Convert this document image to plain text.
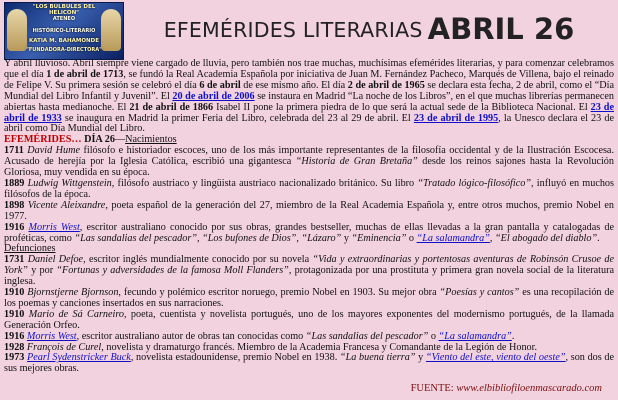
"LOS BULBULES DEL HELICON"
ATENEO
HISTÓRICO-LITERARIO
KATIA M. BAHAMONDE
"FUNDADORA-DIRECTORA"
EFEMÉRIDES LITERARIAS ABRIL 26

Y abril lluvioso. Abril siempre viene cargado de lluvia, pero también nos trae muchas, muchísimas efemérides literarias, y para comenzar celebramos que el día 1 de abril de 1713, se fundó la Real Academia Española por iniciativa de Juan M. Fernández Pacheco, Marqués de Villena, bajo el reinado de Felipe V. Su primera sesión se celebró el día 6 de abril de ese mismo año. El día 2 de abril de 1965 se declara esta fecha, 2 de abril, como el “Día Mundial del Libro Infantil y Juvenil”. El 20 de abril de 2006 se instaura en Madrid “La noche de los Libros”, en el que muchas librerías permanecen abiertas hasta medianoche. El 21 de abril de 1866 Isabel II pone la primera piedra de lo que será la actual sede de la Biblioteca Nacional. El 23 de abril de 1933 se inaugura en Madrid la primer Feria del Libro, celebrada del 23 al 29 de abril. El 23 de abril de 1995, la Unesco declara el 23 de abril como Día Mundial del Libro.

EFEMÉRIDES… DÍA 26—Nacimientos

1711 David Hume filósofo e historiador escoces, uno de los más importante representantes de la filosofía occidental y de la Ilustración Escocesa. Acusado de herejía por la Iglesia Católica, escribió una gigantesca “Historia de Gran Bretaña” desde los reinos sajones hasta la Revolución Gloriosa, muy vendida en su época.

1889 Ludwig Wittgenstein, filósofo austriaco y lingüista austriaco nacionalizado británico. Su libro “Tratado lógico-filosófico”, influyó en muchos filósofos de la época.

1898 Vicente Aleixandre, poeta español de la generación del 27, miembro de la Real Academia Española y, entre otros muchos, premio Nobel en 1977.

1916 Morris West, escritor australiano conocido por sus obras, grandes bestseller, muchas de ellas llevadas a la gran pantalla y catalogadas de proféticas, como “Las sandalias del pescador”, “Los bufones de Dios”, “Lázaro” y “Eminencia” o “La salamandra”, “El abogado del diablo”.

Defunciones

1731 Daniel Defoe, escritor inglés mundialmente conocido por su novela “Vida y extraordinarias y portentosas aventuras de Robinsón Crusoe de York” y por “Fortunas y adversidades de la famosa Moll Flanders”, protagonizada por una prostituta y primera gran novela social de la literatura inglesa.

1910 Bjornstjerne Bjornson, fecundo y polémico escritor noruego, premio Nobel en 1903. Su mejor obra “Poesías y cantos” es una recopilación de los poemas y canciones insertados en sus narraciones.

1910 Mario de Sá Carneiro, poeta, cuentista y novelista portugués, uno de los mayores exponentes del modernismo portugués, de la llamada Generación Orfeo.

1916 Morris West, escritor australiano autor de obras tan conocidas como “Las sandalias del pescador” o “La salamandra”.

1928 François de Curel, novelista y dramaturgo francés. Miembro de la Academia Francesa y Comandante de la Legión de Honor.

1973 Pearl Sydenstricker Buck, novelista estadounidense, premio Nobel en 1938. “La buena tierra” y “Viento del este, viento del oeste”, son dos de sus mejores obras.

FUENTE: www.elbibliofiloenmascarado.com
